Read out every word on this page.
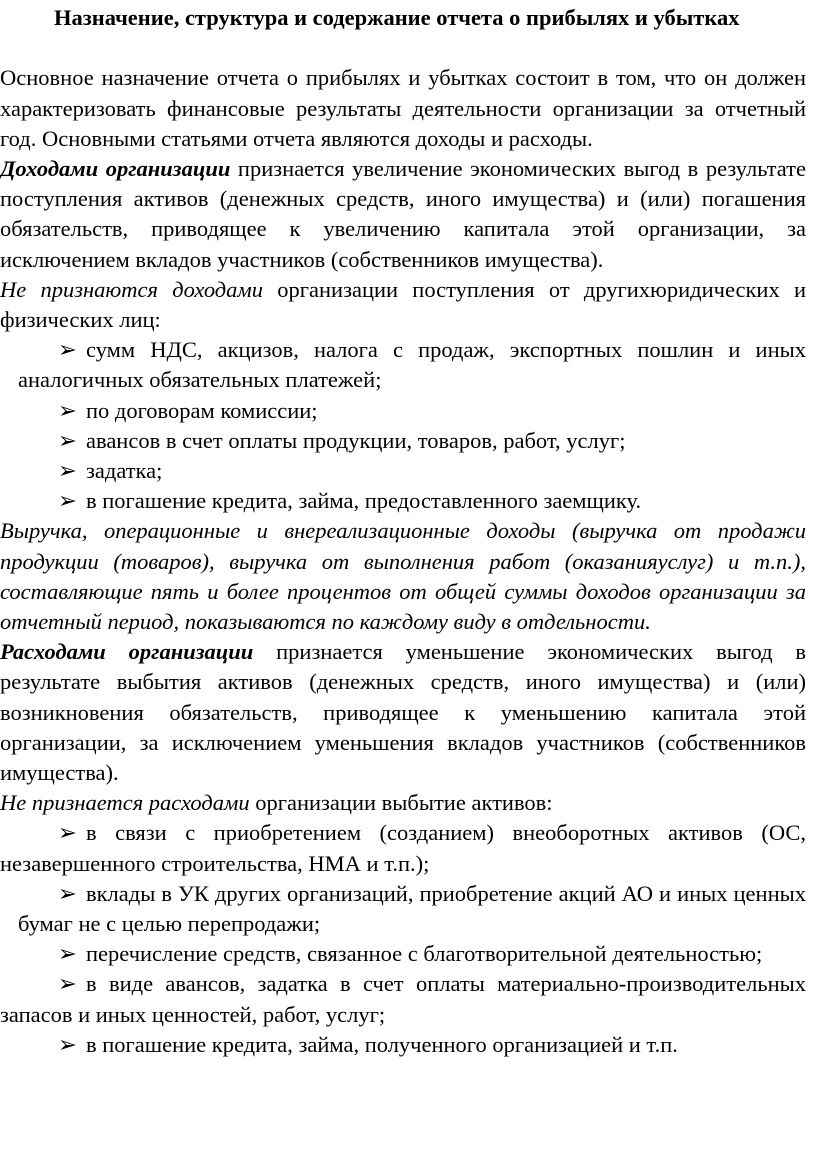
Назначение, структура и содержание отчета о прибылях и убытках

Основное назначение отчета о прибылях и убытках состоит в том, что он должен характеризовать финансовые результаты деятельности организации за отчетный год. Основными статьями отчета являются доходы и расходы.

Доходами организации признается увеличение экономических выгод в результате поступления активов (денежных средств, иного имущества) и (или) погашения обязательств, приводящее к увеличению капитала этой организации, за исключением вкладов участников (собственников имущества).

Не признаются доходами организации поступления от другихюридических и физических лиц:

➢ сумм НДС, акцизов, налога с продаж, экспортных пошлин и иных аналогичных обязательных платежей;
➢ по договорам комиссии;
➢ авансов в счет оплаты продукции, товаров, работ, услуг;
➢ задатка;
➢ в погашение кредита, займа, предоставленного заемщику.

Выручка, операционные и внереализационные доходы (выручка от продажи продукции (товаров), выручка от выполнения работ (оказанияуслуг) и т.п.), составляющие пять и более процентов от общей суммы доходов организации за отчетный период, показываются по каждому виду в отдельности.

Расходами организации признается уменьшение экономических выгод в результате выбытия активов (денежных средств, иного имущества) и (или) возникновения обязательств, приводящее к уменьшению капитала этой организации, за исключением уменьшения вкладов участников (собственников имущества).

Не признается расходами организации выбытие активов:

➢ в связи с приобретением (созданием) внеоборотных активов (ОС, незавершенного строительства, НМА и т.п.);
➢ вклады в УК других организаций, приобретение акций АО и иных ценных бумаг не с целью перепродажи;
➢ перечисление средств, связанное с благотворительной деятельностью;
➢ в виде авансов, задатка в счет оплаты материально-производительных запасов и иных ценностей, работ, услуг;
➢ в погашение кредита, займа, полученного организацией и т.п.
